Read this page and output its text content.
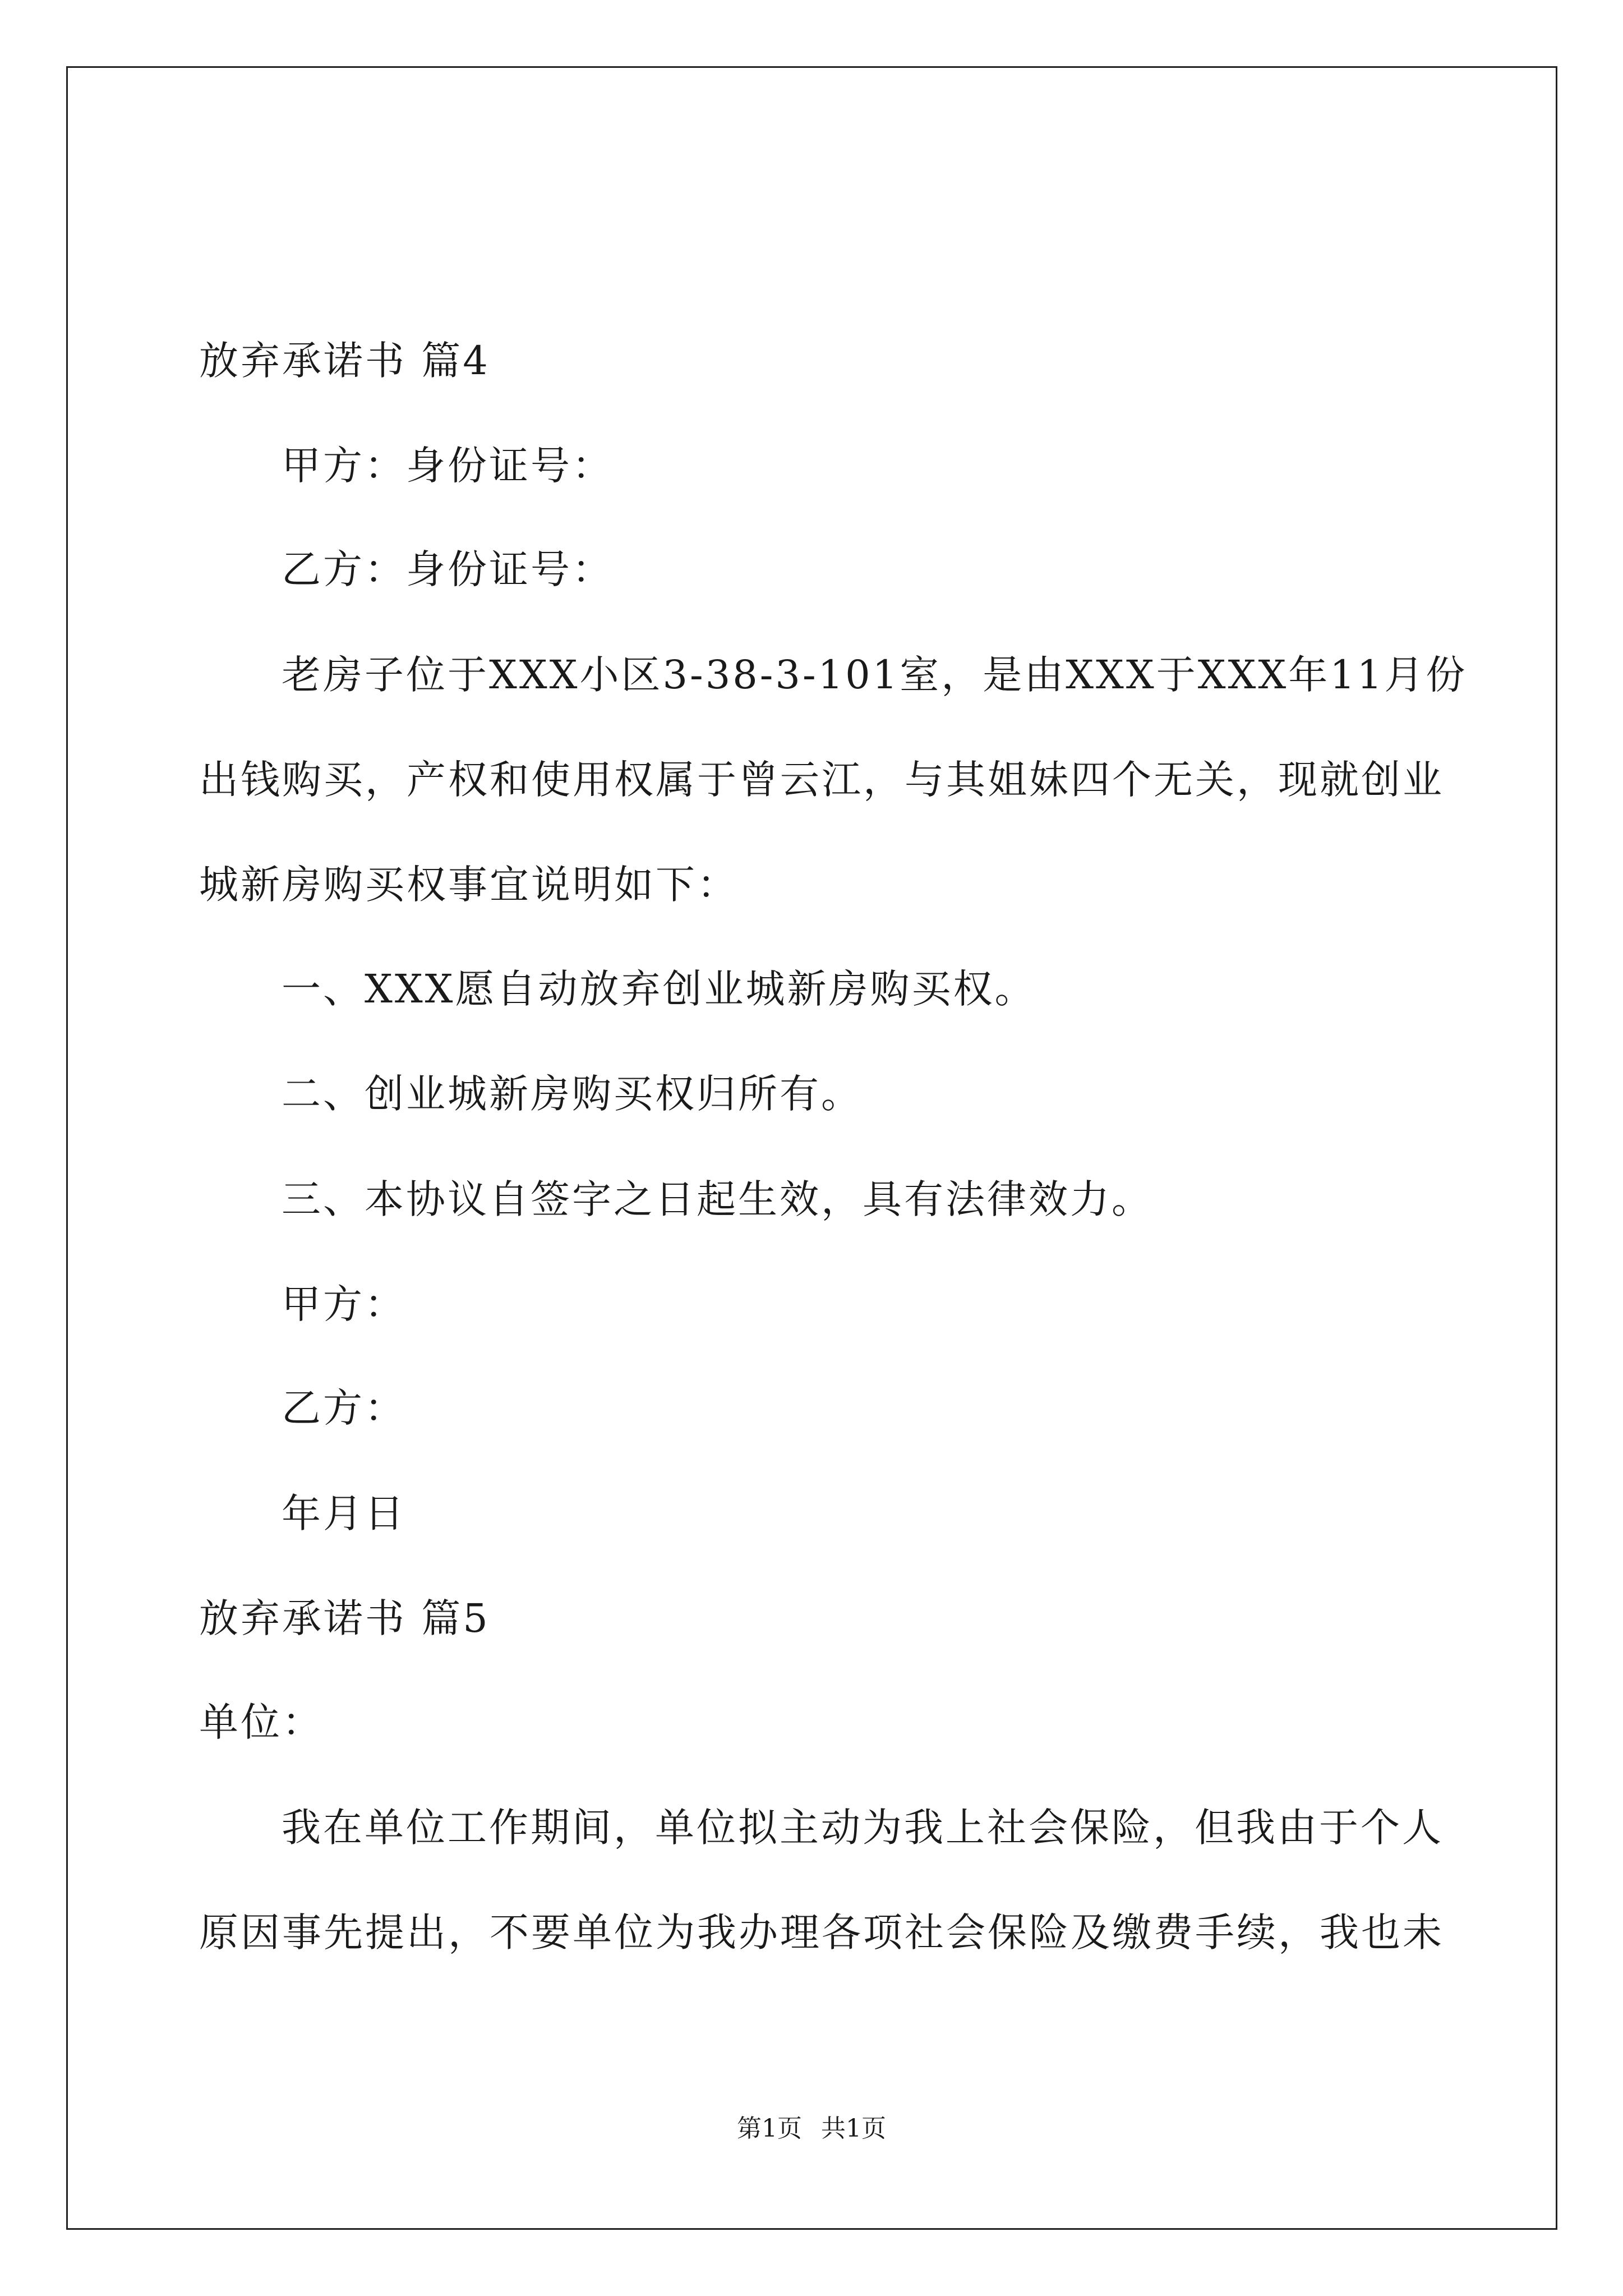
放弃承诺书 篇4
甲方：身份证号：
乙方：身份证号：
老房子位于XXX小区3-38-3-101室，是由XXX于XXX年11月份
出钱购买，产权和使用权属于曾云江，与其姐妹四个无关，现就创业
城新房购买权事宜说明如下：
一、XXX愿自动放弃创业城新房购买权。
二、创业城新房购买权归所有。
三、本协议自签字之日起生效，具有法律效力。
甲方：
乙方：
年月日
放弃承诺书 篇5
单位：
我在单位工作期间，单位拟主动为我上社会保险，但我由于个人
原因事先提出，不要单位为我办理各项社会保险及缴费手续，我也未
第1页 共1页
